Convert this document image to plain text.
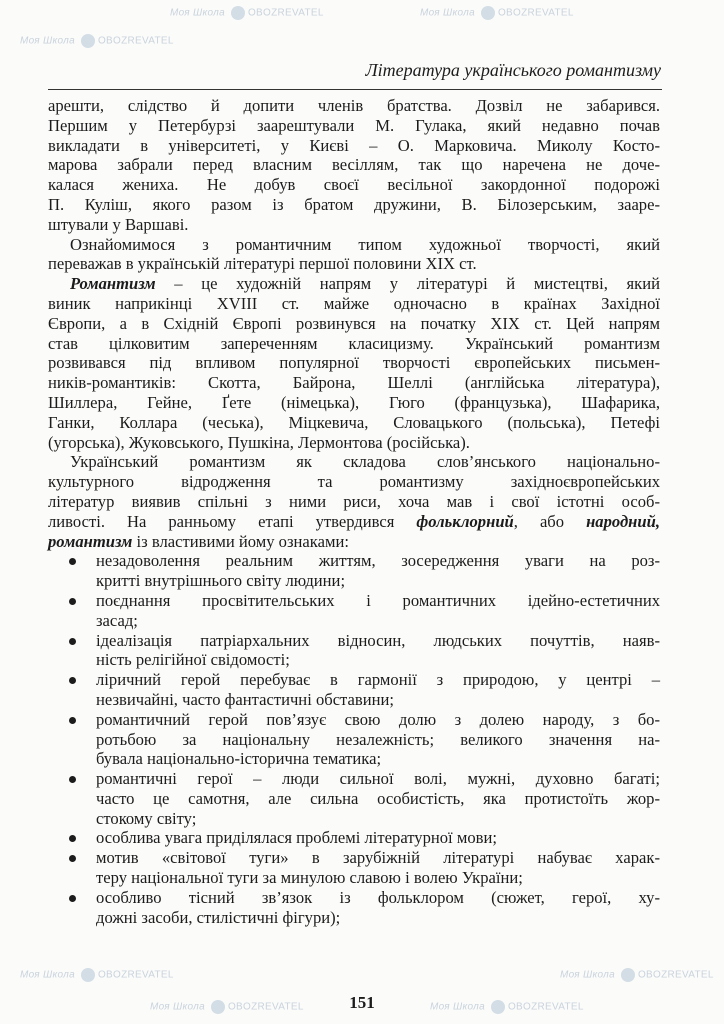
Моя Школа OBOZREVATEL	Моя Школа OBOZREVATEL
Моя Школа OBOZREVATEL
Моя Школа OBOZREVATEL
Моя Школа OBOZREVATEL	Моя Школа OBOZREVATEL
Моя Школа OBOZREVATEL
Література українського романтизму
арешти, слідство й допити членів братства. Дозвіл не забарився.
Першим у Петербурзі заарештували М. Гулака, який недавно почав
викладати в університеті, у Києві – О. Марковича. Миколу Косто-
марова забрали перед власним весіллям, так що наречена не доче-
калася жениха. Не добув своєї весільної закордонної подорожі
П. Куліш, якого разом із братом дружини, В. Білозерським, зааре-
штували у Варшаві.
Ознайомимося з романтичним типом художньої творчості, який
переважав в українській літературі першої половини XIX ст.
Романтизм – це художній напрям у літературі й мистецтві, який
виник наприкінці XVIII ст. майже одночасно в країнах Західної
Європи, а в Східній Європі розвинувся на початку XIX ст. Цей напрям
став цілковитим запереченням класицизму. Український романтизм
розвивався під впливом популярної творчості європейських письмен-
ників-романтиків: Скотта, Байрона, Шеллі (англійська література),
Шиллера, Гейне, Ґете (німецька), Гюго (французька), Шафарика,
Ганки, Коллара (чеська), Міцкевича, Словацького (польська), Петефі
(угорська), Жуковського, Пушкіна, Лермонтова (російська).
Український романтизм як складова слов’янського національно-
культурного відродження та романтизму західноєвропейських
літератур виявив спільні з ними риси, хоча мав і свої істотні особ-
ливості. На ранньому етапі утвердився фольклорний, або народний,
романтизм із властивими йому ознаками:
незадоволення реальним життям, зосередження уваги на роз-
критті внутрішнього світу людини;
поєднання просвітительських і романтичних ідейно-естетичних
засад;
ідеалізація патріархальних відносин, людських почуттів, наяв-
ність релігійної свідомості;
ліричний герой перебуває в гармонії з природою, у центрі –
незвичайні, часто фантастичні обставини;
романтичний герой пов’язує свою долю з долею народу, з бо-
ротьбою за національну незалежність; великого значення на-
бувала національно-історична тематика;
романтичні герої – люди сильної волі, мужні, духовно багаті;
часто це самотня, але сильна особистість, яка протистоїть жор-
стокому світу;
особлива увага приділялася проблемі літературної мови;
мотив «світової туги» в зарубіжній літературі набуває харак-
теру національної туги за минулою славою і волею України;
особливо тісний зв’язок із фольклором (сюжет, герої, ху-
дожні засоби, стилістичні фігури);
151
